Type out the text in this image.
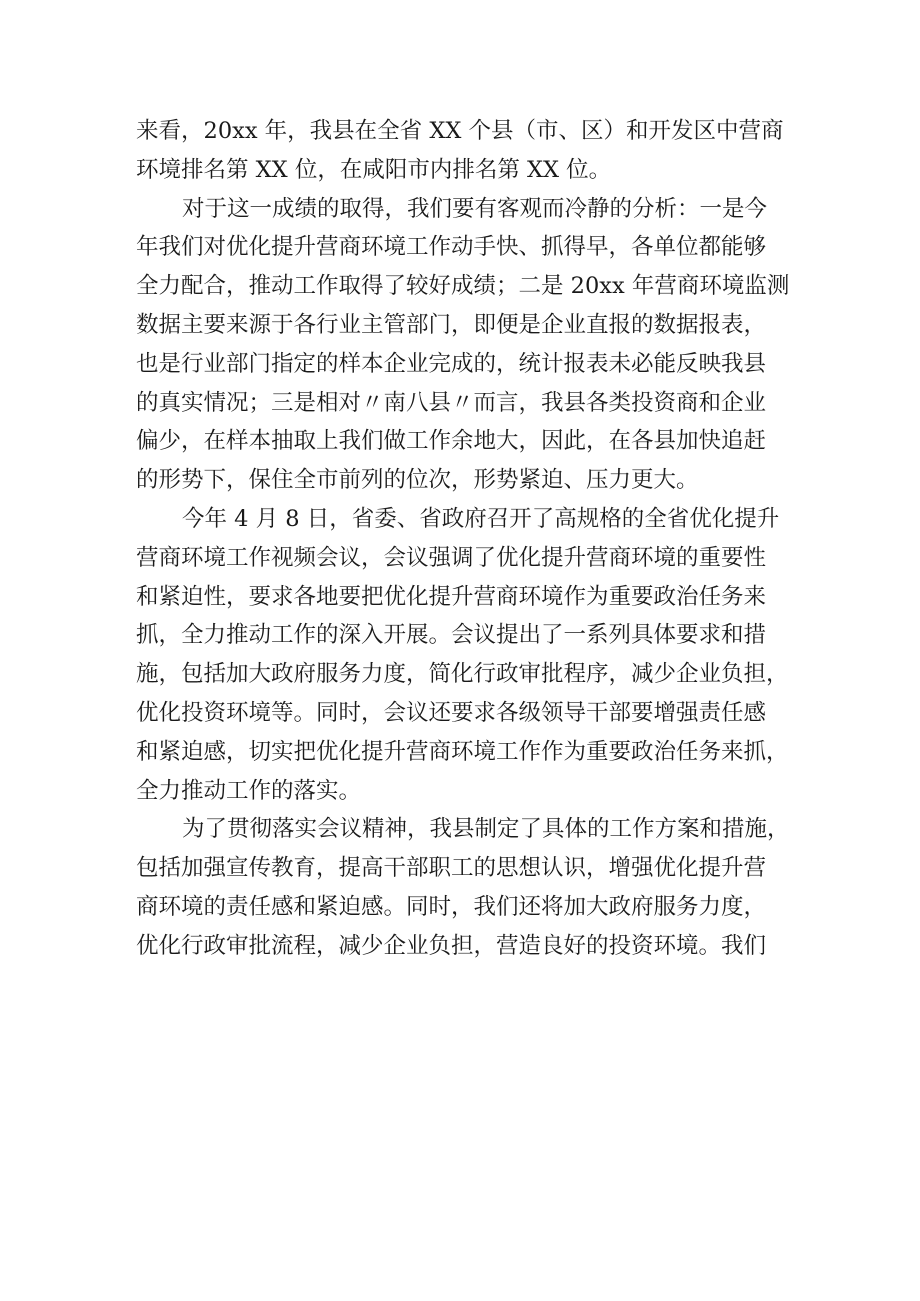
来看，20xx 年，我县在全省 XX 个县（市、区）和开发区中营商
环境排名第 XX 位，在咸阳市内排名第 XX 位。
对于这一成绩的取得，我们要有客观而冷静的分析：一是今
年我们对优化提升营商环境工作动手快、抓得早，各单位都能够
全力配合，推动工作取得了较好成绩；二是 20xx 年营商环境监测
数据主要来源于各行业主管部门，即便是企业直报的数据报表，
也是行业部门指定的样本企业完成的，统计报表未必能反映我县
的真实情况；三是相对〃南八县〃而言，我县各类投资商和企业
偏少，在样本抽取上我们做工作余地大，因此，在各县加快追赶
的形势下，保住全市前列的位次，形势紧迫、压力更大。
今年 4 月 8 日，省委、省政府召开了高规格的全省优化提升
营商环境工作视频会议，会议强调了优化提升营商环境的重要性
和紧迫性，要求各地要把优化提升营商环境作为重要政治任务来
抓，全力推动工作的深入开展。会议提出了一系列具体要求和措
施，包括加大政府服务力度，简化行政审批程序，减少企业负担，
优化投资环境等。同时，会议还要求各级领导干部要增强责任感
和紧迫感，切实把优化提升营商环境工作作为重要政治任务来抓，
全力推动工作的落实。
为了贯彻落实会议精神，我县制定了具体的工作方案和措施，
包括加强宣传教育，提高干部职工的思想认识，增强优化提升营
商环境的责任感和紧迫感。同时，我们还将加大政府服务力度，
优化行政审批流程，减少企业负担，营造良好的投资环境。我们
